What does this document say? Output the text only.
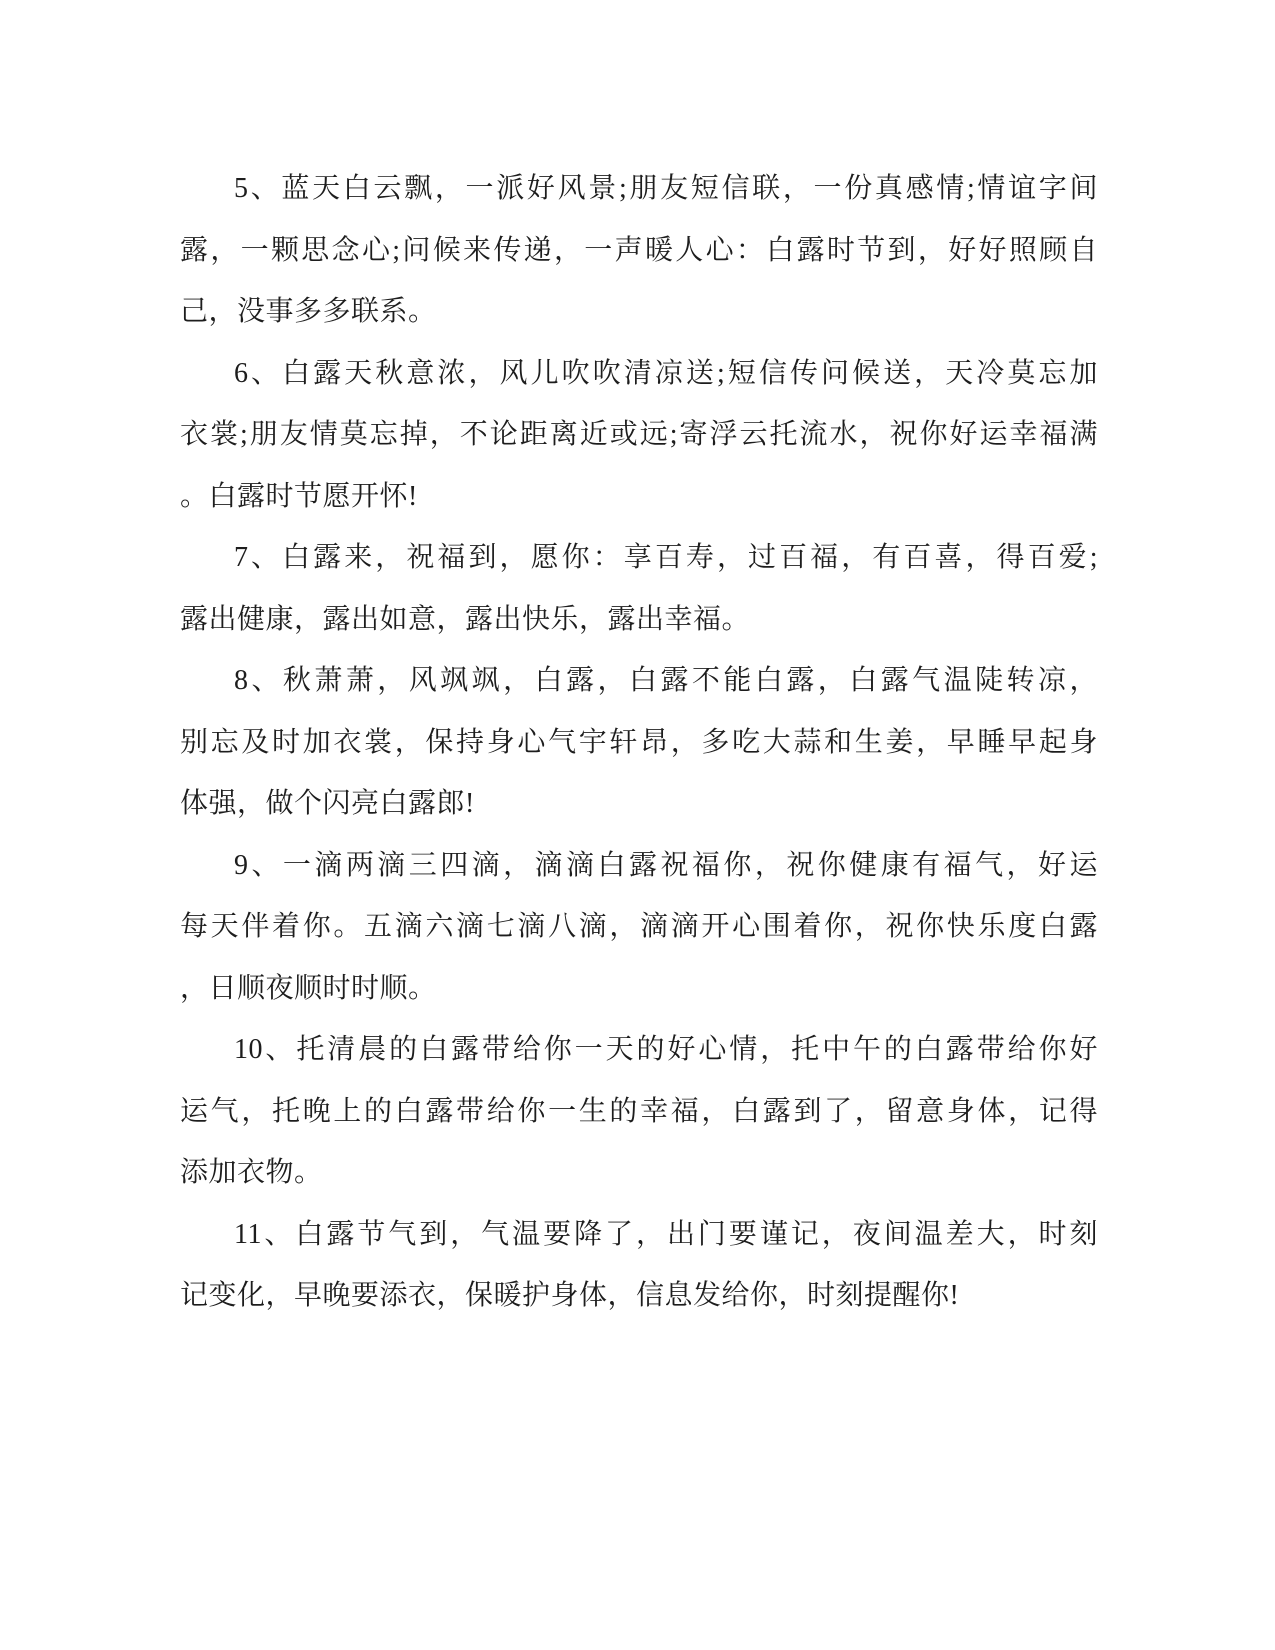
5、蓝天白云飘，一派好风景;朋友短信联，一份真感情;情谊字间

露，一颗思念心;问候来传递，一声暖人心：白露时节到，好好照顾自

己，没事多多联系。

6、白露天秋意浓，风儿吹吹清凉送;短信传问候送，天冷莫忘加

衣裳;朋友情莫忘掉，不论距离近或远;寄浮云托流水，祝你好运幸福满

。白露时节愿开怀!

7、白露来，祝福到，愿你：享百寿，过百福，有百喜，得百爱;

露出健康，露出如意，露出快乐，露出幸福。

8、秋萧萧，风飒飒，白露，白露不能白露，白露气温陡转凉，

别忘及时加衣裳，保持身心气宇轩昂，多吃大蒜和生姜，早睡早起身

体强，做个闪亮白露郎!

9、一滴两滴三四滴，滴滴白露祝福你，祝你健康有福气，好运

每天伴着你。五滴六滴七滴八滴，滴滴开心围着你，祝你快乐度白露

，日顺夜顺时时顺。

10、托清晨的白露带给你一天的好心情，托中午的白露带给你好

运气，托晚上的白露带给你一生的幸福，白露到了，留意身体，记得

添加衣物。

11、白露节气到，气温要降了，出门要谨记，夜间温差大，时刻

记变化，早晚要添衣，保暖护身体，信息发给你，时刻提醒你!
